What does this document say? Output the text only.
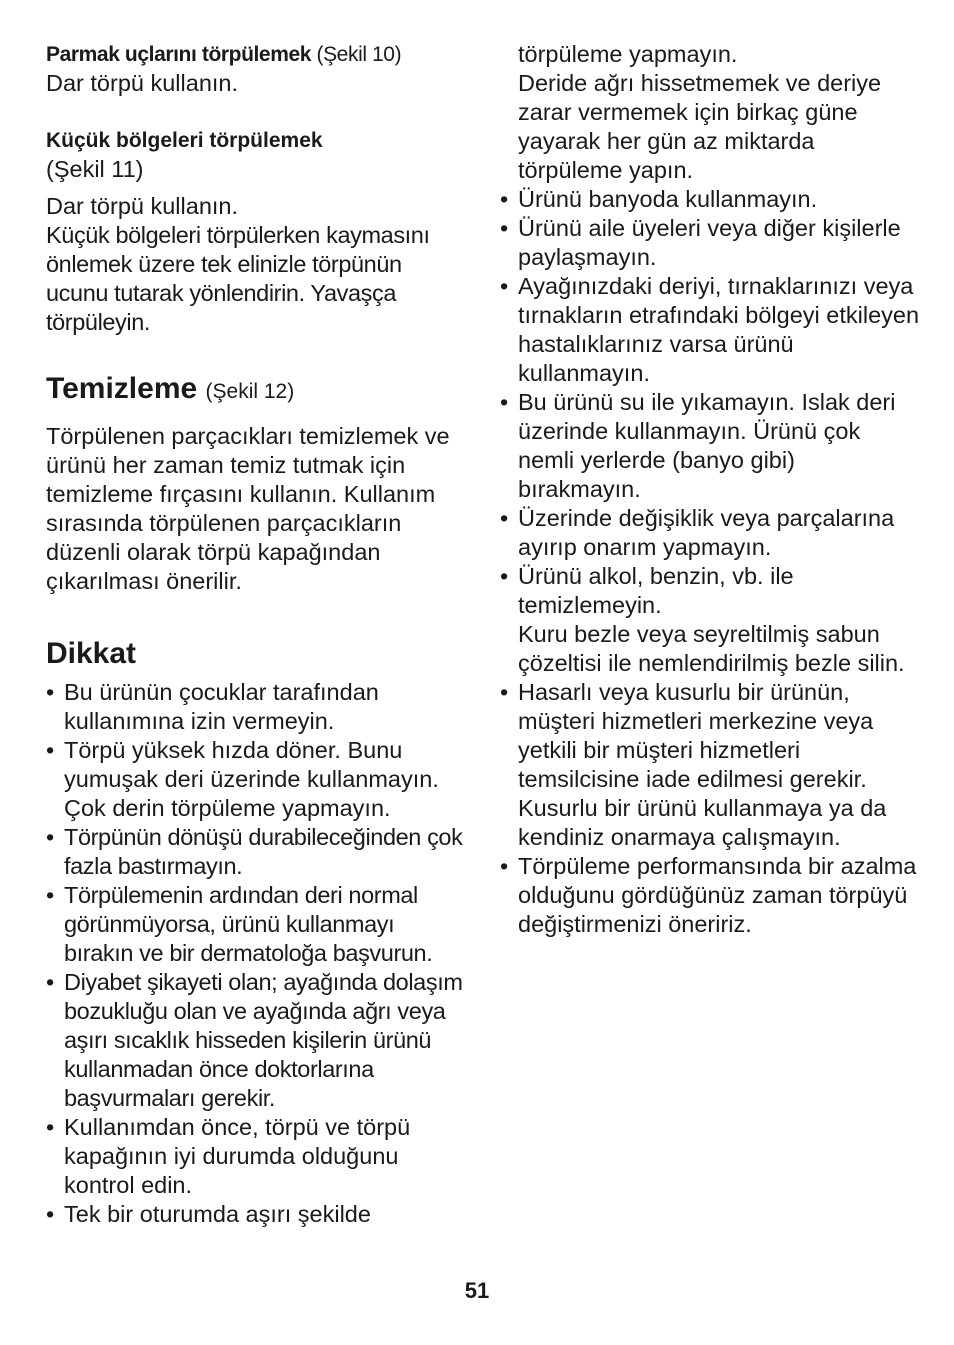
Parmak uçlarını törpülemek (Şekil 10)

Dar törpü kullanın.

Küçük bölgeleri törpülemek
(Şekil 11)

Dar törpü kullanın.

Küçük bölgeleri törpülerken kaymasını önlemek üzere tek elinizle törpünün ucunu tutarak yönlendirin. Yavaşça törpüleyin.

Temizleme (Şekil 12)

Törpülenen parçacıkları temizlemek ve ürünü her zaman temiz tutmak için temizleme fırçasını kullanın. Kullanım sırasında törpülenen parçacıkların düzenli olarak törpü kapağından çıkarılması önerilir.

Dikkat
• Bu ürünün çocuklar tarafından kullanımına izin vermeyin.
• Törpü yüksek hızda döner. Bunu yumuşak deri üzerinde kullanmayın.
Çok derin törpüleme yapmayın.
• Törpünün dönüşü durabileceğinden çok fazla bastırmayın.
• Törpülemenin ardından deri normal görünmüyorsa, ürünü kullanmayı bırakın ve bir dermatoloğa başvurun.
• Diyabet şikayeti olan; ayağında dolaşım bozukluğu olan ve ayağında ağrı veya aşırı sıcaklık hisseden kişilerin ürünü kullanmadan önce doktorlarına başvurmaları gerekir.
• Kullanımdan önce, törpü ve törpü kapağının iyi durumda olduğunu kontrol edin.
• Tek bir oturumda aşırı şekilde
törpüleme yapmayın.
Deride ağrı hissetmemek ve deriye zarar vermemek için birkaç güne yayarak her gün az miktarda törpüleme yapın.
• Ürünü banyoda kullanmayın.
• Ürünü aile üyeleri veya diğer kişilerle paylaşmayın.
• Ayağınızdaki deriyi, tırnaklarınızı veya tırnakların etrafındaki bölgeyi etkileyen hastalıklarınız varsa ürünü kullanmayın.
• Bu ürünü su ile yıkamayın. Islak deri üzerinde kullanmayın. Ürünü çok nemli yerlerde (banyo gibi) bırakmayın.
• Üzerinde değişiklik veya parçalarına ayırıp onarım yapmayın.
• Ürünü alkol, benzin, vb. ile temizlemeyin.
Kuru bezle veya seyreltilmiş sabun çözeltisi ile nemlendirilmiş bezle silin.
• Hasarlı veya kusurlu bir ürünün, müşteri hizmetleri merkezine veya yetkili bir müşteri hizmetleri temsilcisine iade edilmesi gerekir. Kusurlu bir ürünü kullanmaya ya da kendiniz onarmaya çalışmayın.
• Törpüleme performansında bir azalma olduğunu gördüğünüz zaman törpüyü değiştirmenizi öneririz.
51
